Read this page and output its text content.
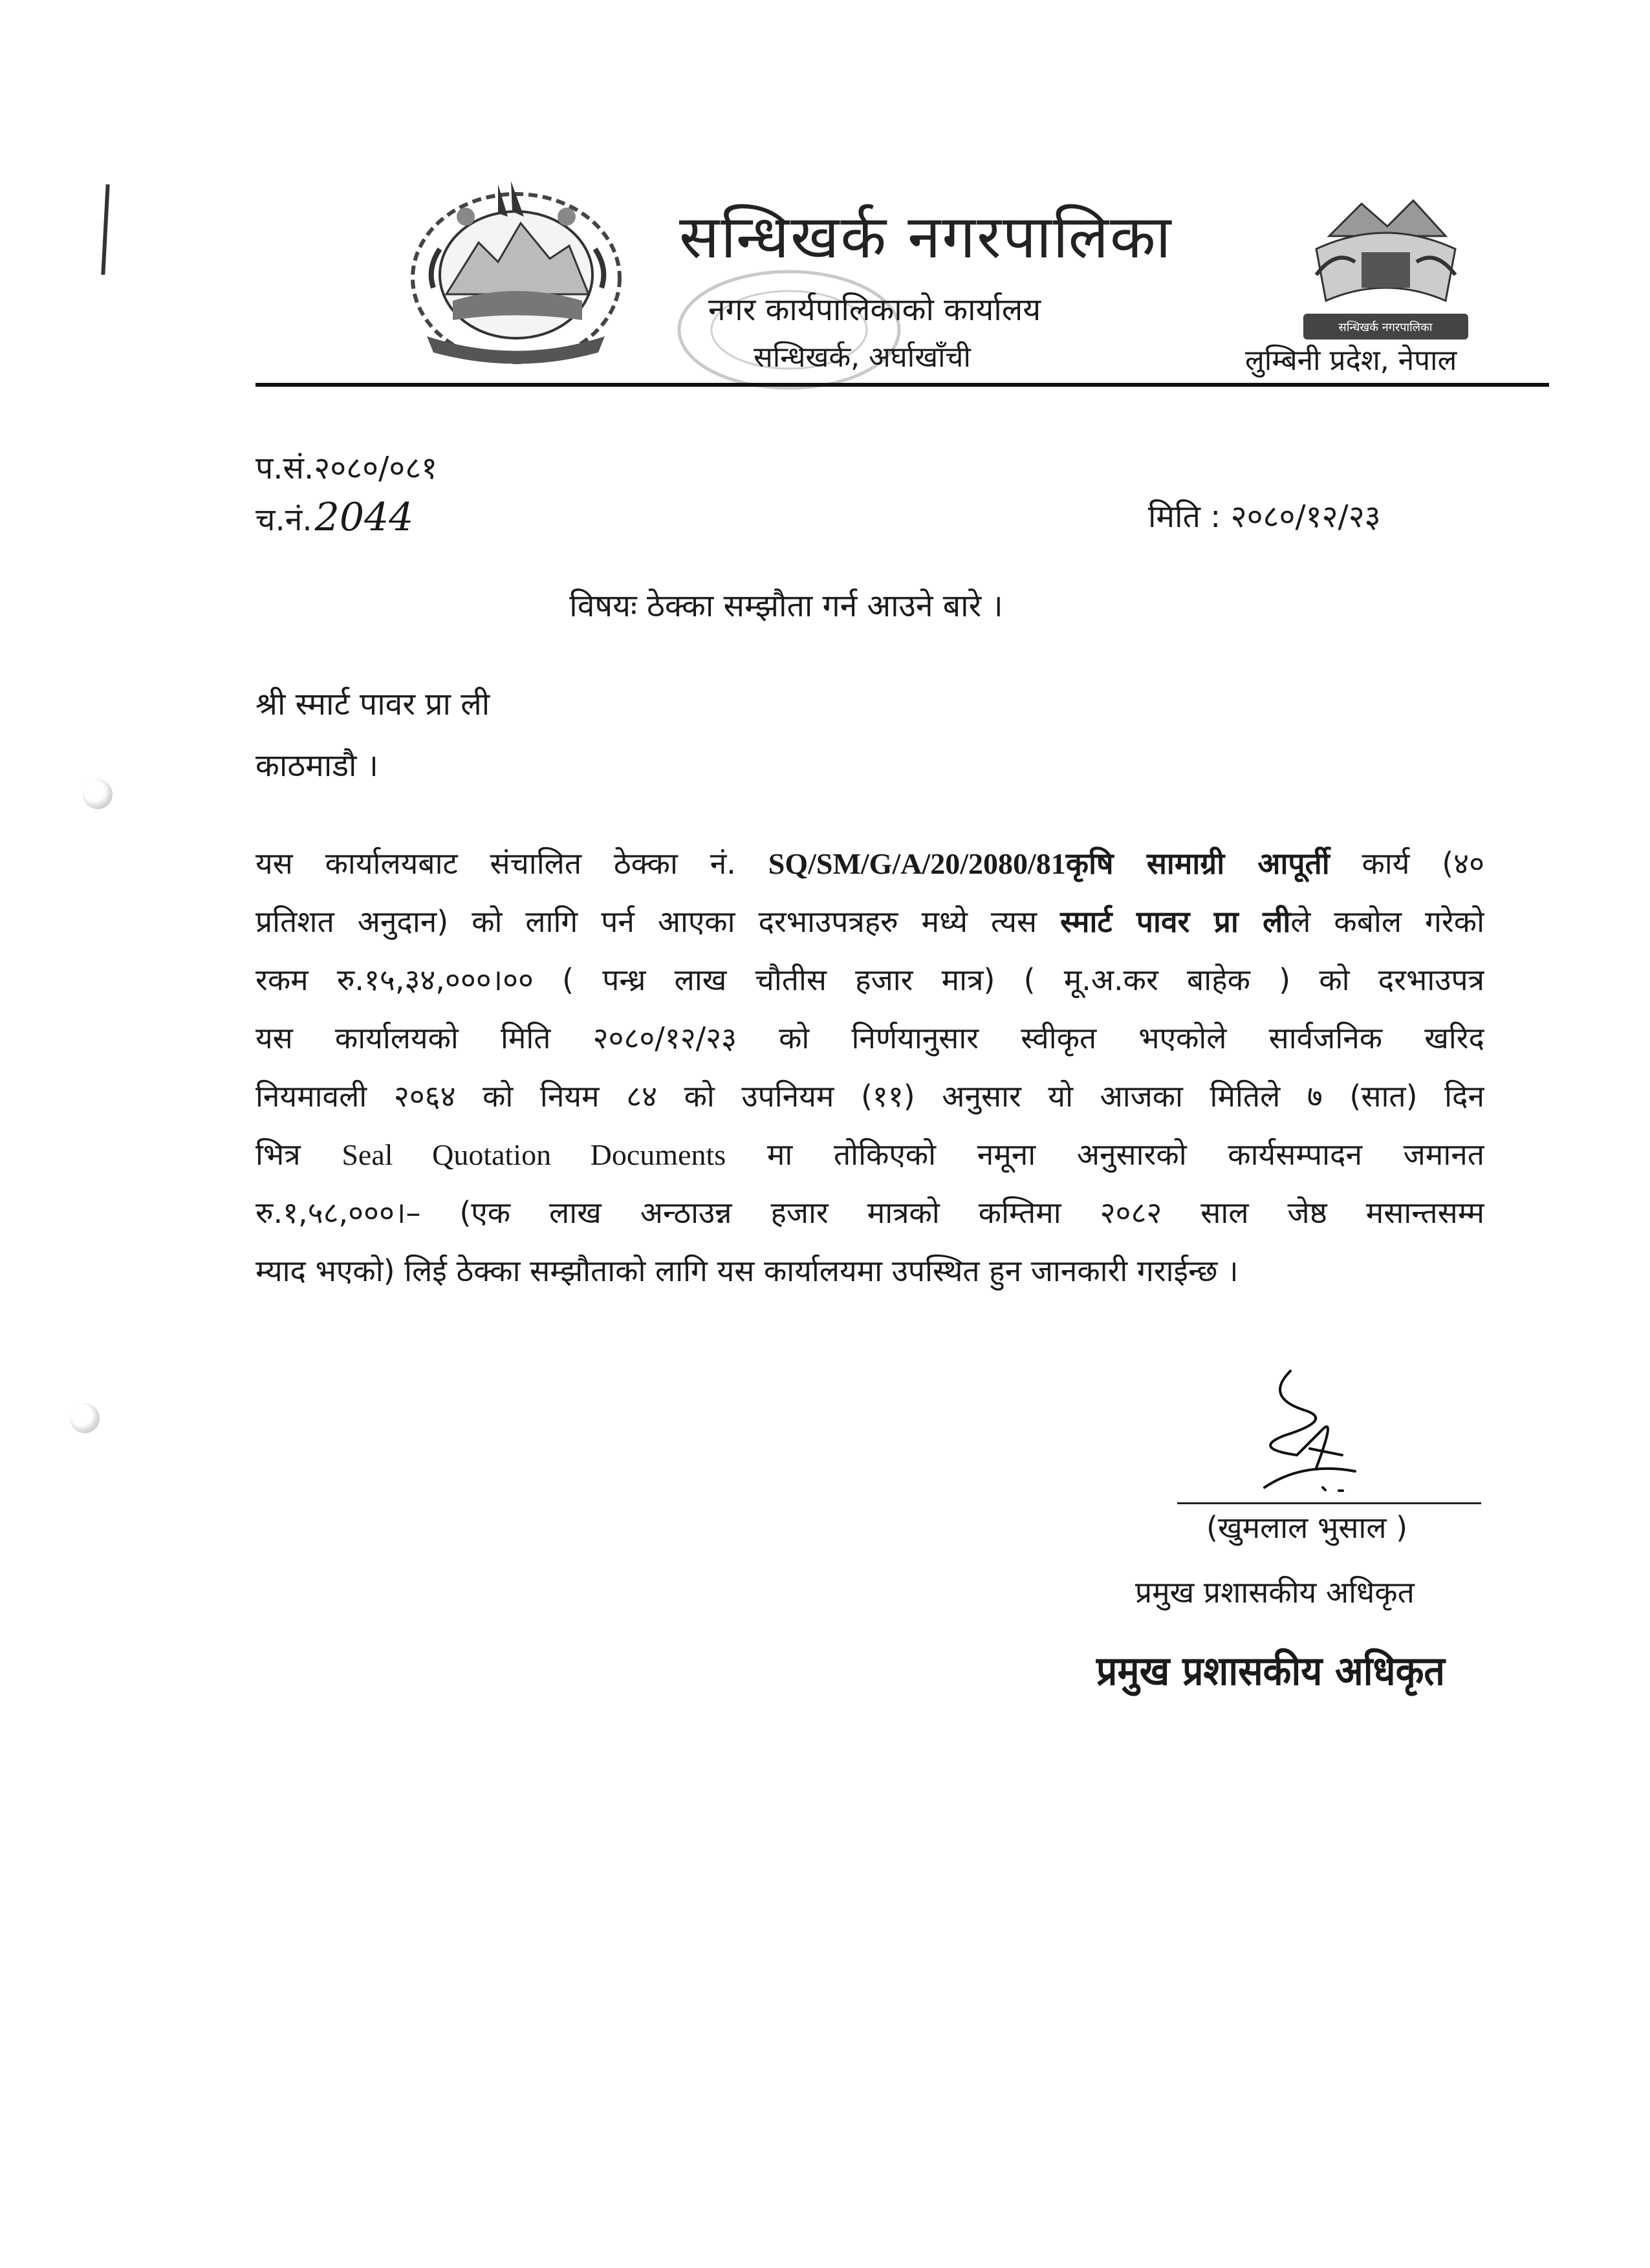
सन्धिखर्क नगरपालिका
नगर कार्यपालिकाको कार्यालय
सन्धिखर्क, अर्घाखाँची
सन्धिखर्क नगरपालिका
लुम्बिनी प्रदेश, नेपाल
प.सं.२०८०/०८१
च.नं.2044	मिति : २०८०/१२/२३
विषयः ठेक्का सम्झौता गर्न आउने बारे ।
श्री स्मार्ट पावर प्रा ली
काठमाडौ ।
यस कार्यालयबाट संचालित ठेक्का नं. SQ/SM/G/A/20/2080/81कृषि सामाग्री आपूर्ती कार्य (४०
प्रतिशत अनुदान) को लागि पर्न आएका दरभाउपत्रहरु मध्ये त्यस स्मार्ट पावर प्रा लीले कबोल गरेको
रकम रु.१५,३४,०००।०० ( पन्ध्र लाख चौतीस हजार मात्र) ( मू.अ.कर बाहेक ) को दरभाउपत्र
यस कार्यालयको मिति २०८०/१२/२३ को निर्णयानुसार स्वीकृत भएकोले सार्वजनिक खरिद
नियमावली २०६४ को नियम ८४ को उपनियम (११) अनुसार यो आजका मितिले ७ (सात) दिन
भित्र Seal Quotation Documents मा तोकिएको नमूना अनुसारको कार्यसम्पादन जमानत
रु.१,५८,०००।– (एक लाख अन्ठाउन्न हजार मात्रको कम्तिमा २०८२ साल जेष्ठ मसान्तसम्म
म्याद भएको) लिई ठेक्का सम्झौताको लागि यस कार्यालयमा उपस्थित हुन जानकारी गराईन्छ ।
(खुमलाल भुसाल )
प्रमुख प्रशासकीय अधिकृत
प्रमुख प्रशासकीय अधिकृत
